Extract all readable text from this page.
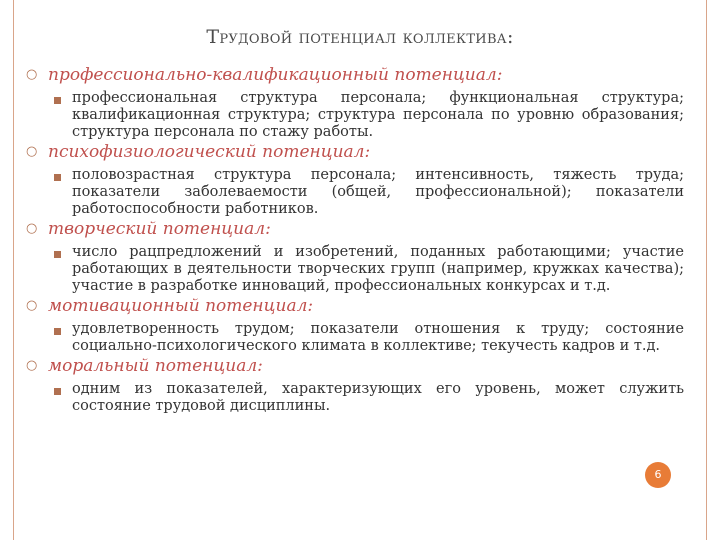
Трудовой потенциал коллектива:
○ профессионально-квалификационный потенциал:
профессиональная структура персонала; функциональная структура; квалификационная структура; структура персонала по уровню образования; структура персонала по стажу работы.
○ психофизиологический потенциал:
половозрастная структура персонала; интенсивность, тяжесть труда; показатели заболеваемости (общей, профессиональной); показатели работоспособности работников.
○ творческий потенциал:
число рацпредложений и изобретений, поданных работающими; участие работающих в деятельности творческих групп (например, кружках качества); участие в разработке инноваций, профессиональных конкурсах и т.д.
○ мотивационный потенциал:
удовлетворенность трудом; показатели отношения к труду; состояние социально-психологического климата в коллективе; текучесть кадров и т.д.
○ моральный потенциал:
одним из показателей, характеризующих его уровень, может служить состояние трудовой дисциплины.
6
